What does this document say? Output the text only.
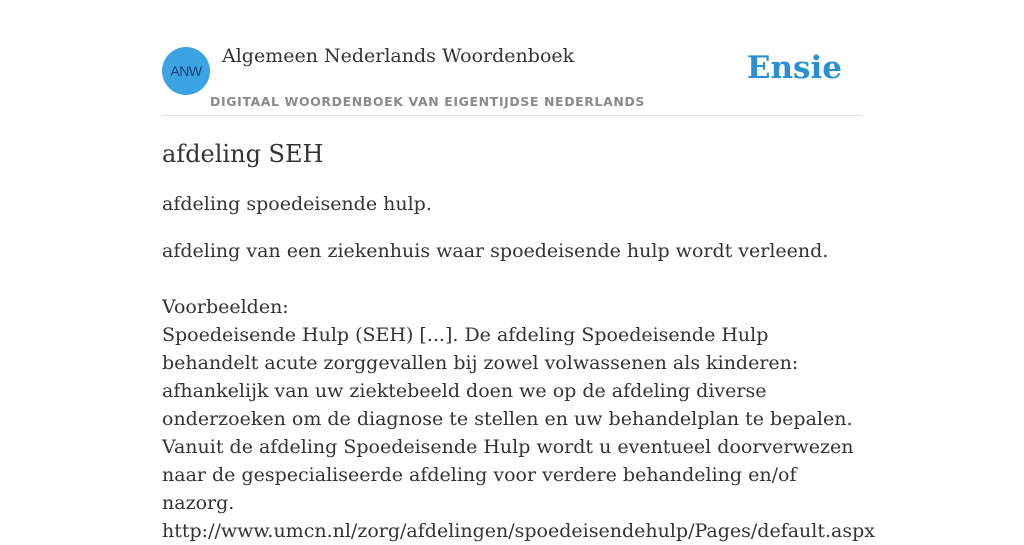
ANW
Algemeen Nederlands Woordenboek
DIGITAAL WOORDENBOEK VAN EIGENTIJDSE NEDERLANDS
Ensie
afdeling SEH

afdeling spoedeisende hulp.

afdeling van een ziekenhuis waar spoedeisende hulp wordt verleend.

Voorbeelden:

Spoedeisende Hulp (SEH) [...]. De afdeling Spoedeisende Hulp behandelt acute zorggevallen bij zowel volwassenen als kinderen: afhankelijk van uw ziektebeeld doen we op de afdeling diverse onderzoeken om de diagnose te stellen en uw behandelplan te bepalen. Vanuit de afdeling Spoedeisende Hulp wordt u eventueel doorverwezen naar de gespecialiseerde afdeling voor verdere behandeling en/of nazorg.

http://www.umcn.nl/zorg/afdelingen/spoedeisendehulp/Pages/default.aspx
